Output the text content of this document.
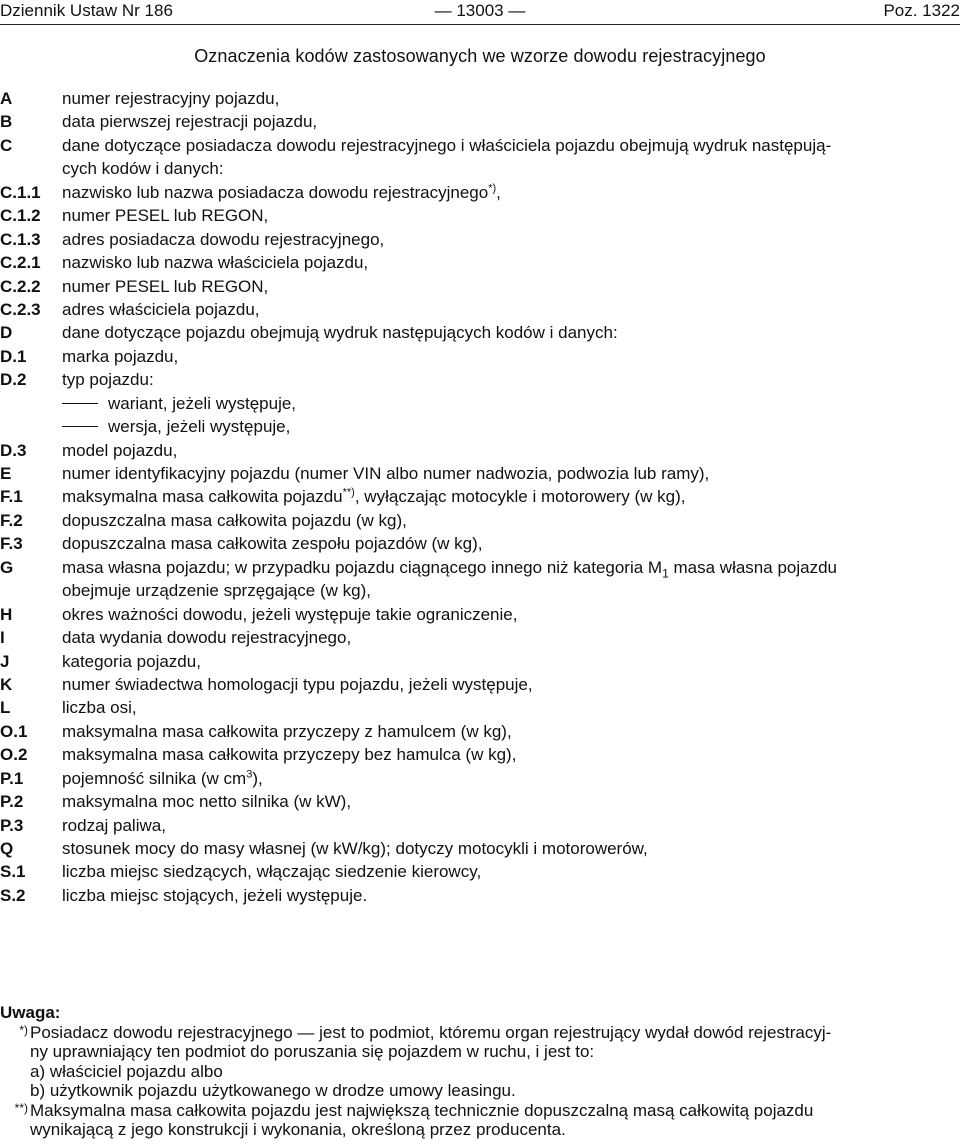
Dziennik Ustaw Nr 186	— 13003 —	Poz. 1322
Oznaczenia kodów zastosowanych we wzorze dowodu rejestracyjnego
A	numer rejestracyjny pojazdu,
B	data pierwszej rejestracji pojazdu,
C	dane dotyczące posiadacza dowodu rejestracyjnego i właściciela pojazdu obejmują wydruk następują-
cych kodów i danych:
C.1.1	nazwisko lub nazwa posiadacza dowodu rejestracyjnego*),
C.1.2	numer PESEL lub REGON,
C.1.3	adres posiadacza dowodu rejestracyjnego,
C.2.1	nazwisko lub nazwa właściciela pojazdu,
C.2.2	numer PESEL lub REGON,
C.2.3	adres właściciela pojazdu,
D	dane dotyczące pojazdu obejmują wydruk następujących kodów i danych:
D.1	marka pojazdu,
D.2	typ pojazdu:
wariant, jeżeli występuje,
wersja, jeżeli występuje,
D.3	model pojazdu,
E	numer identyfikacyjny pojazdu (numer VIN albo numer nadwozia, podwozia lub ramy),
F.1	maksymalna masa całkowita pojazdu**), wyłączając motocykle i motorowery (w kg),
F.2	dopuszczalna masa całkowita pojazdu (w kg),
F.3	dopuszczalna masa całkowita zespołu pojazdów (w kg),
G	masa własna pojazdu; w przypadku pojazdu ciągnącego innego niż kategoria $M_1$ masa własna pojazdu
obejmuje urządzenie sprzęgające (w kg),
H	okres ważności dowodu, jeżeli występuje takie ograniczenie,
I	data wydania dowodu rejestracyjnego,
J	kategoria pojazdu,
K	numer świadectwa homologacji typu pojazdu, jeżeli występuje,
L	liczba osi,
O.1	maksymalna masa całkowita przyczepy z hamulcem (w kg),
O.2	maksymalna masa całkowita przyczepy bez hamulca (w kg),
P.1	pojemność silnika (w $cm^3$),
P.2	maksymalna moc netto silnika (w kW),
P.3	rodzaj paliwa,
Q	stosunek mocy do masy własnej (w kW/kg); dotyczy motocykli i motorowerów,
S.1	liczba miejsc siedzących, włączając siedzenie kierowcy,
S.2	liczba miejsc stojących, jeżeli występuje.
Uwaga:
*) Posiadacz dowodu rejestracyjnego — jest to podmiot, któremu organ rejestrujący wydał dowód rejestracyj-
ny uprawniający ten podmiot do poruszania się pojazdem w ruchu, i jest to:
a) właściciel pojazdu albo
b) użytkownik pojazdu użytkowanego w drodze umowy leasingu.
**) Maksymalna masa całkowita pojazdu jest największą technicznie dopuszczalną masą całkowitą pojazdu
wynikającą z jego konstrukcji i wykonania, określoną przez producenta.
